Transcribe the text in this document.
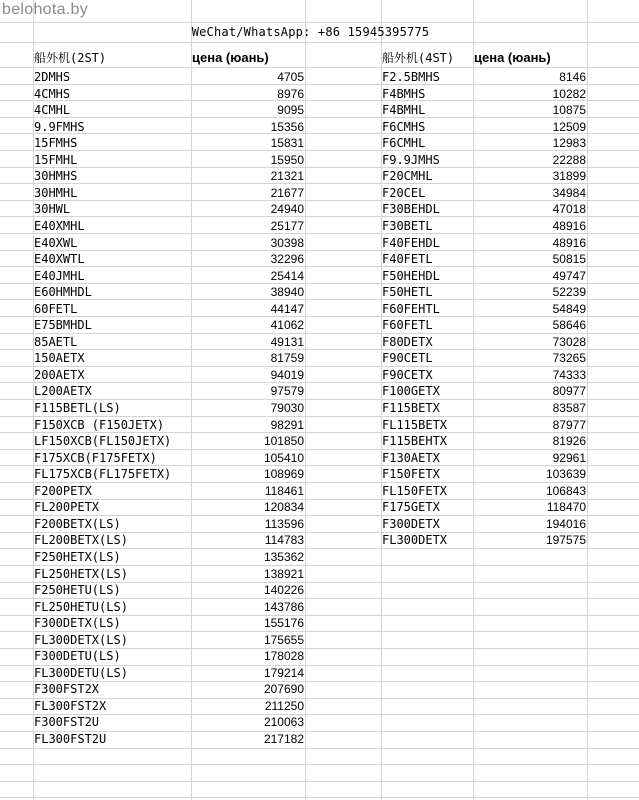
belohota.by
WeChat/WhatsApp: +86 15945395775
船外机(2ST)	цена (юань)
2DMHS	4705
4CMHS	8976
4CMHL	9095
9.9FMHS	15356
15FMHS	15831
15FMHL	15950
30HMHS	21321
30HMHL	21677
30HWL	24940
E40XMHL	25177
E40XWL	30398
E40XWTL	32296
E40JMHL	25414
E60HMHDL	38940
60FETL	44147
E75BMHDL	41062
85AETL	49131
150AETX	81759
200AETX	94019
L200AETX	97579
F115BETL(LS)	79030
F150XCB (F150JETX)	98291
LF150XCB(FL150JETX)	101850
F175XCB(F175FETX)	105410
FL175XCB(FL175FETX)	108969
F200PETX	118461
FL200PETX	120834
F200BETX(LS)	113596
FL200BETX(LS)	114783
F250HETX(LS)	135362
FL250HETX(LS)	138921
F250HETU(LS)	140226
FL250HETU(LS)	143786
F300DETX(LS)	155176
FL300DETX(LS)	175655
F300DETU(LS)	178028
FL300DETU(LS)	179214
F300FST2X	207690
FL300FST2X	211250
F300FST2U	210063
FL300FST2U	217182
船外机(4ST)	цена (юань)
F2.5BMHS	8146
F4BMHS	10282
F4BMHL	10875
F6CMHS	12509
F6CMHL	12983
F9.9JMHS	22288
F20CMHL	31899
F20CEL	34984
F30BEHDL	47018
F30BETL	48916
F40FEHDL	48916
F40FETL	50815
F50HEHDL	49747
F50HETL	52239
F60FEHTL	54849
F60FETL	58646
F80DETX	73028
F90CETL	73265
F90CETX	74333
F100GETX	80977
F115BETX	83587
FL115BETX	87977
F115BEHTX	81926
F130AETX	92961
F150FETX	103639
FL150FETX	106843
F175GETX	118470
F300DETX	194016
FL300DETX	197575
